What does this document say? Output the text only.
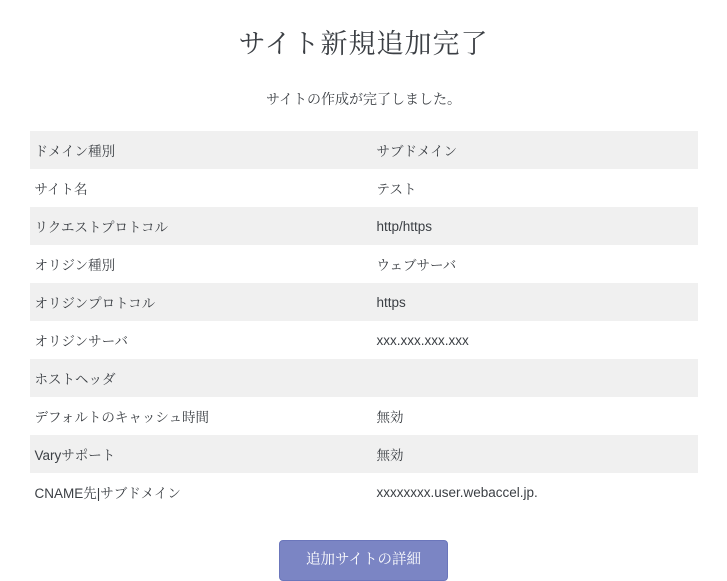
サイト新規追加完了

サイトの作成が完了しました。

ドメイン種別	サブドメイン
サイト名	テスト
リクエストプロトコル	http/https
オリジン種別	ウェブサーバ
オリジンプロトコル	https
オリジンサーバ	xxx.xxx.xxx.xxx
ホストヘッダ	
デフォルトのキャッシュ時間	無効
Varyサポート	無効
CNAME先|サブドメイン	xxxxxxxx.user.webaccel.jp.
追加サイトの詳細
